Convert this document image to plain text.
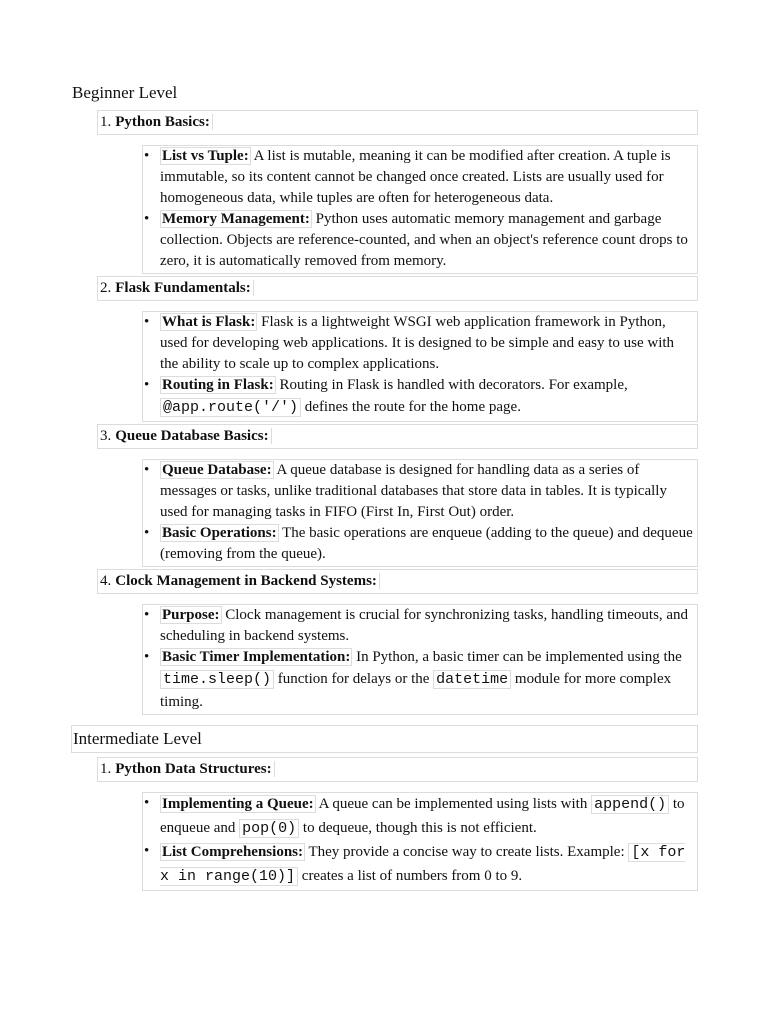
Beginner Level
1. Python Basics:
• List vs Tuple: A list is mutable, meaning it can be modified after creation. A tuple is immutable, so its content cannot be changed once created. Lists are usually used for homogeneous data, while tuples are often for heterogeneous data.
• Memory Management: Python uses automatic memory management and garbage collection. Objects are reference-counted, and when an object's reference count drops to zero, it is automatically removed from memory.
2. Flask Fundamentals:
• What is Flask: Flask is a lightweight WSGI web application framework in Python, used for developing web applications. It is designed to be simple and easy to use with the ability to scale up to complex applications.
• Routing in Flask: Routing in Flask is handled with decorators. For example, @app.route('/') defines the route for the home page.
3. Queue Database Basics:
• Queue Database: A queue database is designed for handling data as a series of messages or tasks, unlike traditional databases that store data in tables. It is typically used for managing tasks in FIFO (First In, First Out) order.
• Basic Operations: The basic operations are enqueue (adding to the queue) and dequeue (removing from the queue).
4. Clock Management in Backend Systems:
• Purpose: Clock management is crucial for synchronizing tasks, handling timeouts, and scheduling in backend systems.
• Basic Timer Implementation: In Python, a basic timer can be implemented using the time.sleep() function for delays or the datetime module for more complex timing.
Intermediate Level
1. Python Data Structures:
• Implementing a Queue: A queue can be implemented using lists with append() to enqueue and pop(0) to dequeue, though this is not efficient.
• List Comprehensions: They provide a concise way to create lists. Example: [x for x in range(10)] creates a list of numbers from 0 to 9.
